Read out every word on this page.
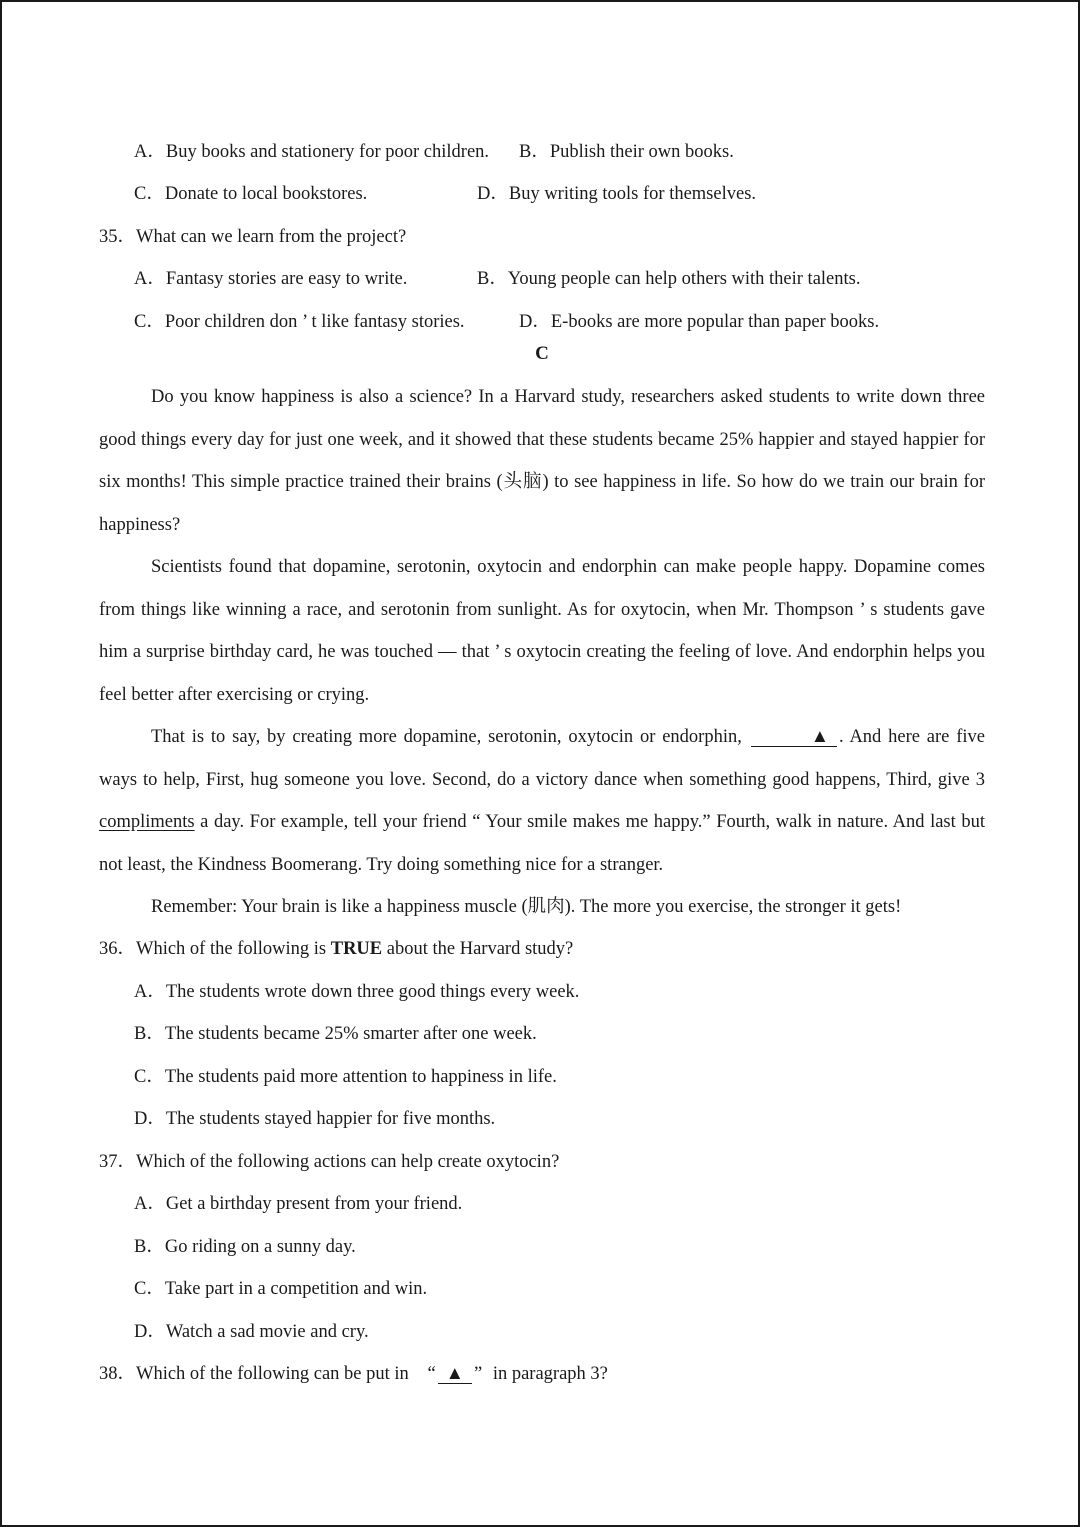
A．Buy books and stationery for poor children. B．Publish their own books.
C．Donate to local bookstores.	D．Buy writing tools for themselves.
35．What can we learn from the project?
A．Fantasy stories are easy to write.	B．Young people can help others with their talents.
C．Poor children don ’ t like fantasy stories.	D．E-books are more popular than paper books.
C
Do you know happiness is also a science? In a Harvard study, researchers asked students to write down three good things every day for just one week, and it showed that these students became 25% happier and stayed happier for six months! This simple practice trained their brains (头脑) to see happiness in life. So how do we train our brain for happiness?
Scientists found that dopamine, serotonin, oxytocin and endorphin can make people happy. Dopamine comes from things like winning a race, and serotonin from sunlight. As for oxytocin, when Mr. Thompson ’ s students gave him a surprise birthday card, he was touched — that ’ s oxytocin creating the feeling of love. And endorphin helps you feel better after exercising or crying.
That is to say, by creating more dopamine, serotonin, oxytocin or endorphin,	▲ . And here are five ways to help, First, hug someone you love. Second, do a victory dance when something good happens, Third, give 3 compliments a day. For example, tell your friend “ Your smile makes me happy.” Fourth, walk in nature. And last but not least, the Kindness Boomerang. Try doing something nice for a stranger.
Remember: Your brain is like a happiness muscle (肌肉). The more you exercise, the stronger it gets!
36．Which of the following is TRUE about the Harvard study?
A．The students wrote down three good things every week.
B．The students became 25% smarter after one week.
C．The students paid more attention to happiness in life.
D．The students stayed happier for five months.
37．Which of the following actions can help create oxytocin?
A．Get a birthday present from your friend.
B．Go riding on a sunny day.
C．Take part in a competition and win.
D．Watch a sad movie and cry.
38．Which of the following can be put in “ ▲ ” in paragraph 3?
